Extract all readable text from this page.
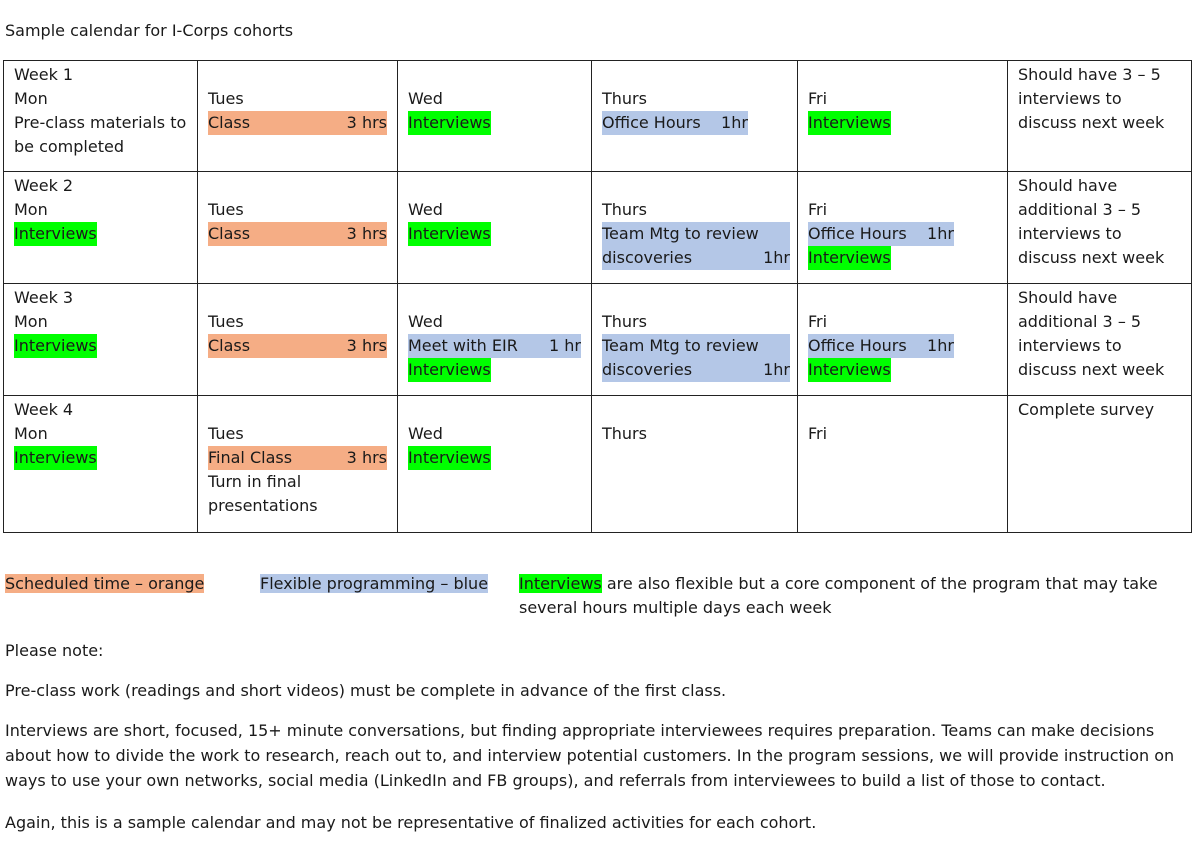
Sample calendar for I-Corps cohorts
Week 1
Mon
Pre-class materials to be completed	Tues
Class 3 hrs	Wed
Interviews	Thurs
Office Hours 1hr	Fri
Interviews	Should have 3 – 5 interviews to discuss next week

Week 2
Mon
Interviews	Tues
Class 3 hrs	Wed
Interviews	Thurs
Team Mtg to review
discoveries 1hr	Fri
Office Hours 1hr
Interviews	Should have additional 3 – 5 interviews to discuss next week

Week 3
Mon
Interviews	Tues
Class 3 hrs	Wed
Meet with EIR 1 hr
Interviews	Thurs
Team Mtg to review
discoveries 1hr	Fri
Office Hours 1hr
Interviews	Should have additional 3 – 5 interviews to discuss next week

Week 4
Mon
Interviews	Tues
Final Class 3 hrs
Turn in final presentations	Wed
Interviews	Thurs	Fri	Complete survey
Scheduled time – orange	Flexible programming – blue Interviews are also flexible but a core component of the program that may take several hours multiple days each week
Please note:
Pre-class work (readings and short videos) must be complete in advance of the first class.
Interviews are short, focused, 15+ minute conversations, but finding appropriate interviewees requires preparation. Teams can make decisions about how to divide the work to research, reach out to, and interview potential customers. In the program sessions, we will provide instruction on ways to use your own networks, social media (LinkedIn and FB groups), and referrals from interviewees to build a list of those to contact.
Again, this is a sample calendar and may not be representative of finalized activities for each cohort.
